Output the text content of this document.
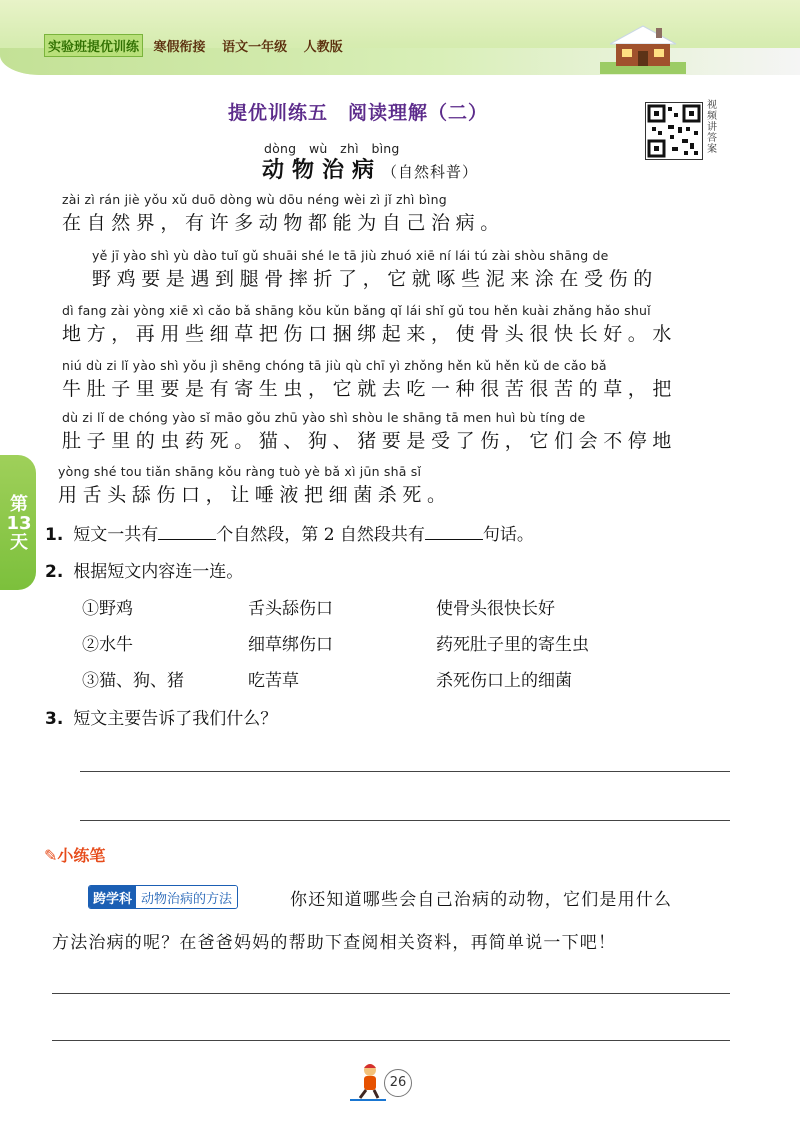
实验班提优训练 寒假衔接 语文一年级 人教版
第13天
提优训练五　阅读理解（二）	视频讲答案
dòng　wù　zhì　bìng
动物治病（自然科普）
zài zì rán jiè yǒu xǔ duō dòng wù dōu néng wèi zì jǐ zhì bìng
在自然界，有许多动物都能为自己治病。
yě jī yào shì yù dào tuǐ gǔ shuāi shé le tā jiù zhuó xiē ní lái tú zài shòu shāng de
野鸡要是遇到腿骨摔折了，它就啄些泥来涂在受伤的
dì fang zài yòng xiē xì cǎo bǎ shāng kǒu kǔn bǎng qǐ lái shǐ gǔ tou hěn kuài zhǎng hǎo shuǐ
地方，再用些细草把伤口捆绑起来，使骨头很快长好。水
niú dù zi lǐ yào shì yǒu jì shēng chóng tā jiù qù chī yì zhǒng hěn kǔ hěn kǔ de cǎo bǎ
牛肚子里要是有寄生虫，它就去吃一种很苦很苦的草，把
dù zi lǐ de chóng yào sǐ māo gǒu zhū yào shì shòu le shāng tā men huì bù tíng de
肚子里的虫药死。猫、狗、猪要是受了伤，它们会不停地
yòng shé tou tiǎn shāng kǒu ràng tuò yè bǎ xì jūn shā sǐ
用舌头舔伤口，让唾液把细菌杀死。
1. 短文一共有	个自然段，第 2 自然段共有	句话。
2. 根据短文内容连一连。
①野鸡	舌头舔伤口	使骨头很快长好
②水牛	细草绑伤口	药死肚子里的寄生虫
③猫、狗、猪	吃苦草	杀死伤口上的细菌
3. 短文主要告诉了我们什么？
✎小练笔
跨学科 动物治病的方法	你还知道哪些会自己治病的动物，它们是用什么
方法治病的呢？在爸爸妈妈的帮助下查阅相关资料，再简单说一下吧！
26
